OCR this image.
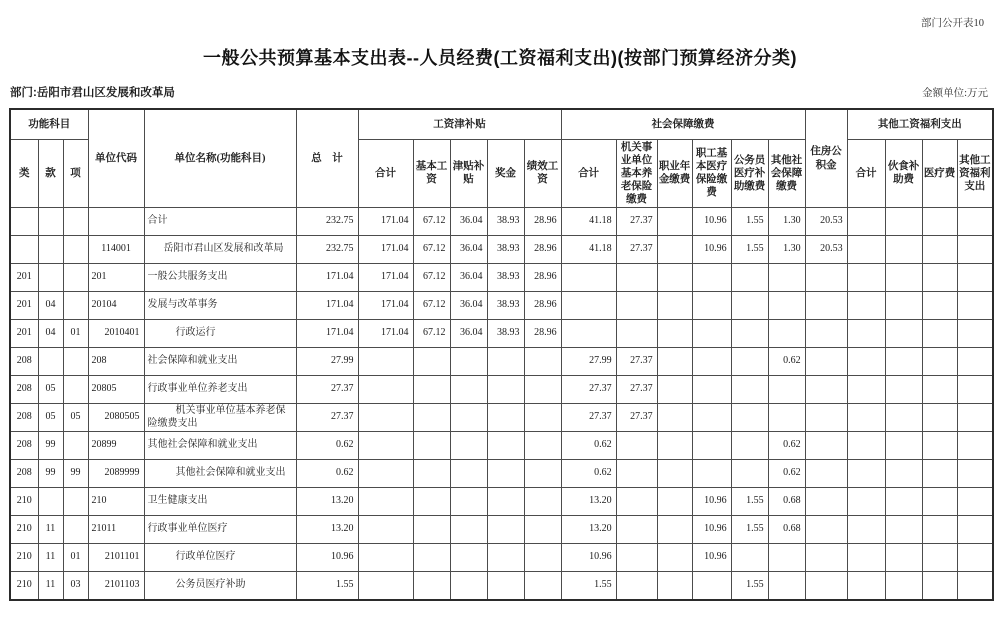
部门公开表10
一般公共预算基本支出表--人员经费(工资福利支出)(按部门预算经济分类)
部门:岳阳市君山区发展和改革局	金额单位:万元
功能科目			单位代码	单位名称(功能科目)	总　计	工资津补贴					社会保障缴费						住房公积金	其他工资福利支出			
类	款	项				合计	基本工资	津贴补贴	奖金	绩效工资	合计	机关事业单位基本养老保险缴费	职业年金缴费	职工基本医疗保险缴费	公务员医疗补助缴费	其他社会保障缴费		合计	伙食补助费	医疗费	其他工资福利支出
				合计	232.75	171.04	67.12	36.04	38.93	28.96	41.18	27.37		10.96	1.55	1.30	20.53				
			114001	岳阳市君山区发展和改革局	232.75	171.04	67.12	36.04	38.93	28.96	41.18	27.37		10.96	1.55	1.30	20.53				
201			201	一般公共服务支出	171.04	171.04	67.12	36.04	38.93	28.96											
201	04		20104	发展与改革事务	171.04	171.04	67.12	36.04	38.93	28.96											
201	04	01	2010401	行政运行	171.04	171.04	67.12	36.04	38.93	28.96											
208			208	社会保障和就业支出	27.99						27.99	27.37				0.62					
208	05		20805	行政事业单位养老支出	27.37						27.37	27.37									
208	05	05	2080505	机关事业单位基本养老保险缴费支出	27.37						27.37	27.37									
208	99		20899	其他社会保障和就业支出	0.62						0.62					0.62					
208	99	99	2089999	其他社会保障和就业支出	0.62						0.62					0.62					
210			210	卫生健康支出	13.20						13.20			10.96	1.55	0.68					
210	11		21011	行政事业单位医疗	13.20						13.20			10.96	1.55	0.68					
210	11	01	2101101	行政单位医疗	10.96						10.96			10.96							
210	11	03	2101103	公务员医疗补助	1.55						1.55				1.55						
